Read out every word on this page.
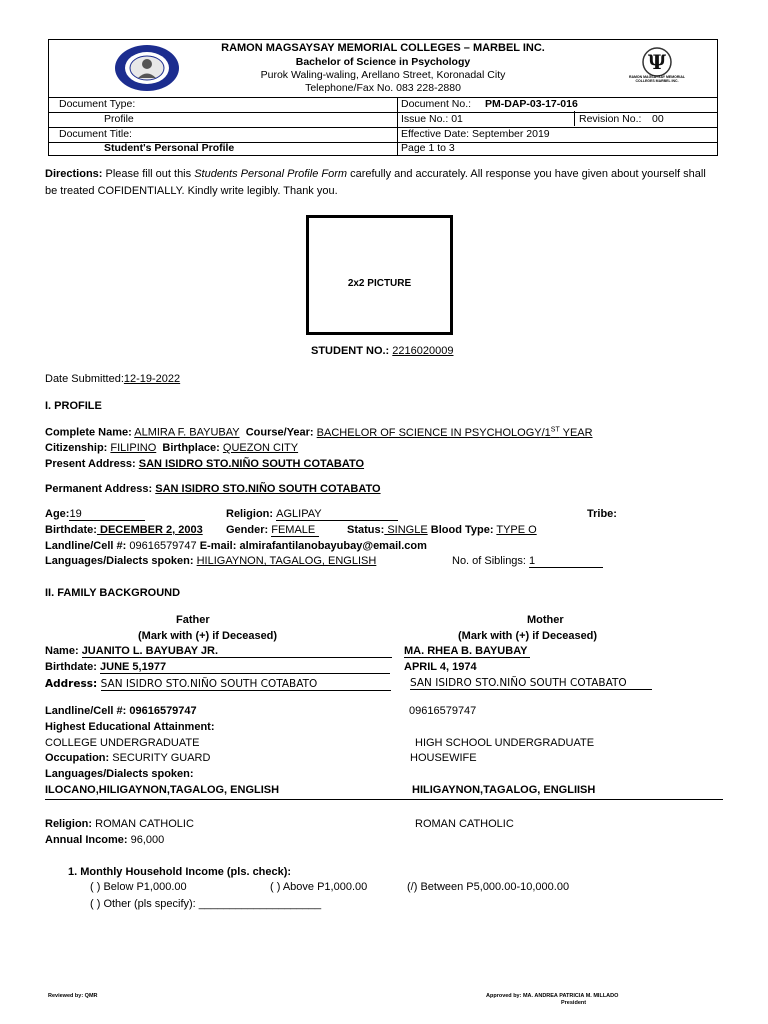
RAMON MAGSAYSAY MEMORIAL COLLEGES – MARBEL INC.
Bachelor of Science in Psychology
Purok Waling-waling, Arellano Street, Koronadal City
Telephone/Fax No. 083 228-2880
Ψ
RAMON MAGSAYSAY MEMORIAL COLLEGES MARBEL INC.
Document Type:	Document No.: PM-DAP-03-17-016
Profile	Issue No.: 01	Revision No.: 00
Document Title:	Effective Date: September 2019
Student's Personal Profile	Page 1 to 3
Directions: Please fill out this Students Personal Profile Form carefully and accurately. All response you have given about yourself shall
be treated COFIDENTIALLY. Kindly write legibly. Thank you.
2x2 PICTURE
STUDENT NO.: 2216020009
Date Submitted:12-19-2022
I. PROFILE
Complete Name: ALMIRA F. BAYUBAY Course/Year: BACHELOR OF SCIENCE IN PSYCHOLOGY/1ST YEAR
Citizenship: FILIPINO Birthplace: QUEZON CITY
Present Address: SAN ISIDRO STO.NIÑO SOUTH COTABATO
Permanent Address: SAN ISIDRO STO.NIÑO SOUTH COTABATO
Age:19	Religion: AGLIPAY	Tribe:
Birthdate: DECEMBER 2, 2003 Gender: FEMALE	Status: SINGLE Blood Type: TYPE O
Landline/Cell #: 09616579747 E-mail: almirafantilanobayubay@email.com
Languages/Dialects spoken: HILIGAYNON, TAGALOG, ENGLISH	No. of Siblings: 1
II. FAMILY BACKGROUND
Father	Mother
(Mark with (+) if Deceased)	(Mark with (+) if Deceased)
Name: JUANITO L. BAYUBAY JR.	MA. RHEA B. BAYUBAY
Birthdate: JUNE 5,1977	APRIL 4, 1974
Address: SAN ISIDRO STO.NIÑO SOUTH COTABATO	SAN ISIDRO STO.NIÑO SOUTH COTABATO
Landline/Cell #: 09616579747	09616579747
Highest Educational Attainment:
COLLEGE UNDERGRADUATE	HIGH SCHOOL UNDERGRADUATE
Occupation: SECURITY GUARD	HOUSEWIFE
Languages/Dialects spoken:
ILOCANO,HILIGAYNON,TAGALOG, ENGLISH	HILIGAYNON,TAGALOG, ENGLIISH
Religion: ROMAN CATHOLIC	ROMAN CATHOLIC
Annual Income: 96,000
1. Monthly Household Income (pls. check):
( ) Below P1,000.00	( ) Above P1,000.00	(/) Between P5,000.00-10,000.00
( ) Other (pls specify): ____________________
Reviewed by: QMR	Approved by: MA. ANDREA PATRICIA M. MILLADO
President
